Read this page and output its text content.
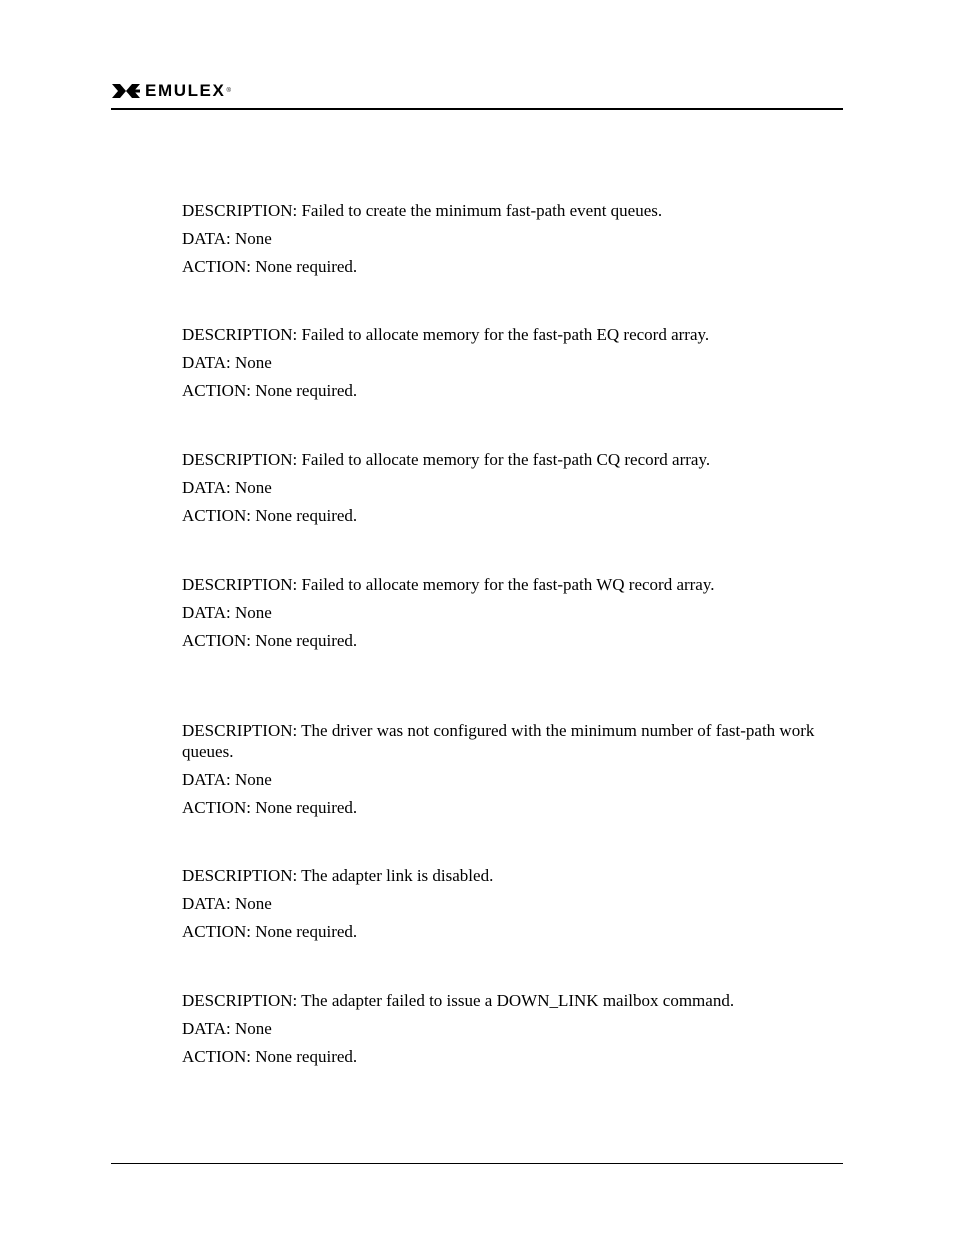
EMULEX ®

DESCRIPTION: Failed to create the minimum fast-path event queues.

DATA: None

ACTION: None required.

DESCRIPTION: Failed to allocate memory for the fast-path EQ record array.

DATA: None

ACTION: None required.

DESCRIPTION: Failed to allocate memory for the fast-path CQ record array.

DATA: None

ACTION: None required.

DESCRIPTION: Failed to allocate memory for the fast-path WQ record array.

DATA: None

ACTION: None required.

DESCRIPTION: The driver was not configured with the minimum number of fast-path work queues.

DATA: None

ACTION: None required.

DESCRIPTION: The adapter link is disabled.

DATA: None

ACTION: None required.

DESCRIPTION: The adapter failed to issue a DOWN_LINK mailbox command.

DATA: None

ACTION: None required.
